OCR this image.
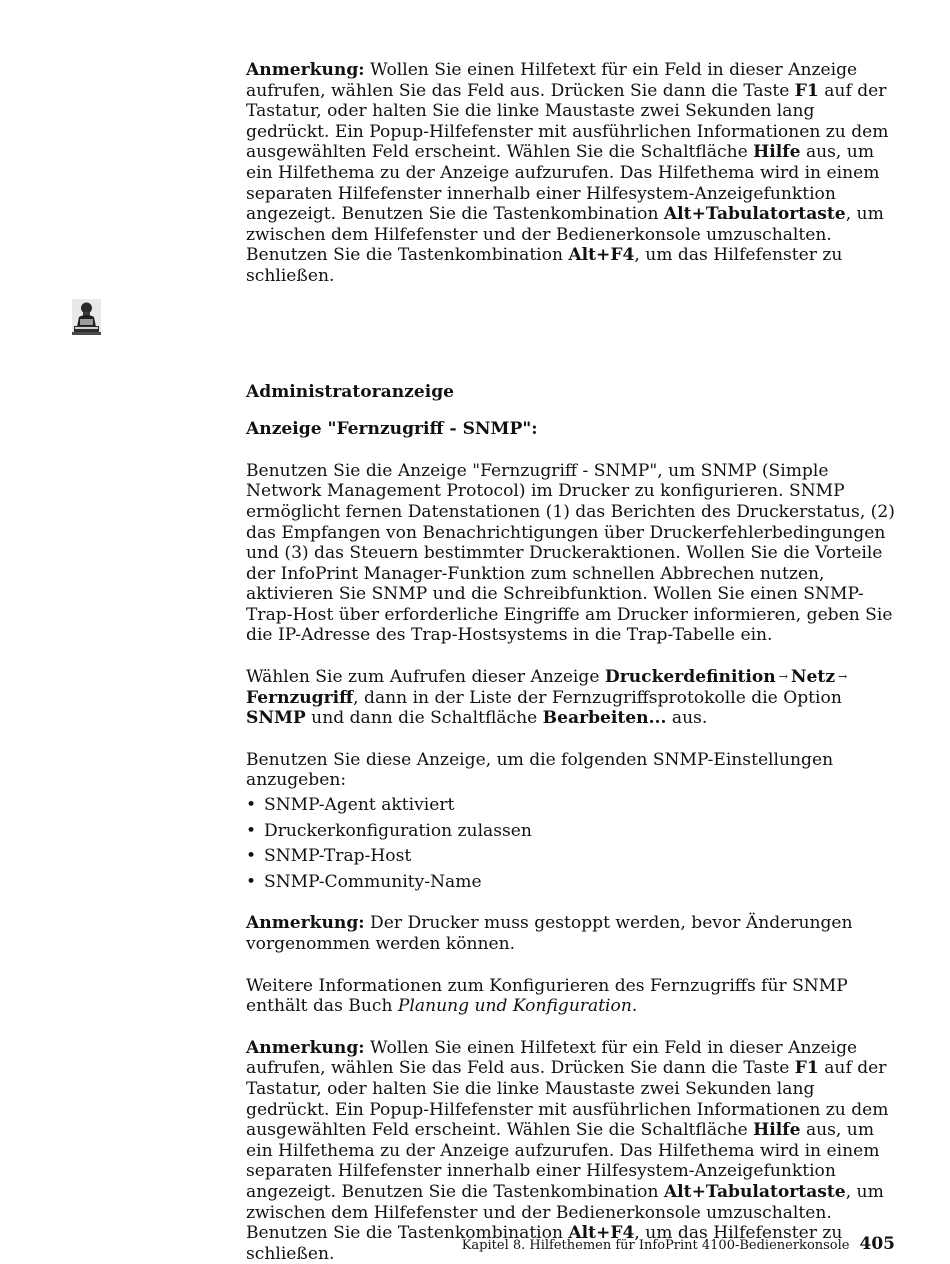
Anmerkung: Wollen Sie einen Hilfetext für ein Feld in dieser Anzeige aufrufen, wählen Sie das Feld aus. Drücken Sie dann die Taste F1 auf der Tastatur, oder halten Sie die linke Maustaste zwei Sekunden lang gedrückt. Ein Popup-Hilfefenster mit ausführlichen Informationen zu dem ausgewählten Feld erscheint. Wählen Sie die Schaltfläche Hilfe aus, um ein Hilfethema zu der Anzeige aufzurufen. Das Hilfethema wird in einem separaten Hilfefenster innerhalb einer Hilfesystem-Anzeigefunktion angezeigt. Benutzen Sie die Tastenkombination Alt+Tabulatortaste, um zwischen dem Hilfefenster und der Bedienerkonsole umzuschalten. Benutzen Sie die Tastenkombination Alt+F4, um das Hilfefenster zu schließen.

Administratoranzeige

Anzeige "Fernzugriff - SNMP":

Benutzen Sie die Anzeige "Fernzugriff - SNMP", um SNMP (Simple Network Management Protocol) im Drucker zu konfigurieren. SNMP ermöglicht fernen Datenstationen (1) das Berichten des Druckerstatus, (2) das Empfangen von Benachrichtigungen über Druckerfehlerbedingungen und (3) das Steuern bestimmter Druckeraktionen. Wollen Sie die Vorteile der InfoPrint Manager-Funktion zum schnellen Abbrechen nutzen, aktivieren Sie SNMP und die Schreibfunktion. Wollen Sie einen SNMP-Trap-Host über erforderliche Eingriffe am Drucker informieren, geben Sie die IP-Adresse des Trap-Hostsystems in die Trap-Tabelle ein.

Wählen Sie zum Aufrufen dieser Anzeige Druckerdefinition → Netz →Fernzugriff, dann in der Liste der Fernzugriffsprotokolle die Option SNMP und dann die Schaltfläche Bearbeiten... aus.

Benutzen Sie diese Anzeige, um die folgenden SNMP-Einstellungen anzugeben:

• SNMP-Agent aktiviert
• Druckerkonfiguration zulassen
• SNMP-Trap-Host
• SNMP-Community-Name

Anmerkung: Der Drucker muss gestoppt werden, bevor Änderungen vorgenommen werden können.

Weitere Informationen zum Konfigurieren des Fernzugriffs für SNMP enthält das Buch Planung und Konfiguration.

Anmerkung: Wollen Sie einen Hilfetext für ein Feld in dieser Anzeige aufrufen, wählen Sie das Feld aus. Drücken Sie dann die Taste F1 auf der Tastatur, oder halten Sie die linke Maustaste zwei Sekunden lang gedrückt. Ein Popup-Hilfefenster mit ausführlichen Informationen zu dem ausgewählten Feld erscheint. Wählen Sie die Schaltfläche Hilfe aus, um ein Hilfethema zu der Anzeige aufzurufen. Das Hilfethema wird in einem separaten Hilfefenster innerhalb einer Hilfesystem-Anzeigefunktion angezeigt. Benutzen Sie die Tastenkombination Alt+Tabulatortaste, um zwischen dem Hilfefenster und der Bedienerkonsole umzuschalten. Benutzen Sie die Tastenkombination Alt+F4, um das Hilfefenster zu schließen.	Kapitel 8. Hilfethemen für InfoPrint 4100-Bedienerkonsole 405
